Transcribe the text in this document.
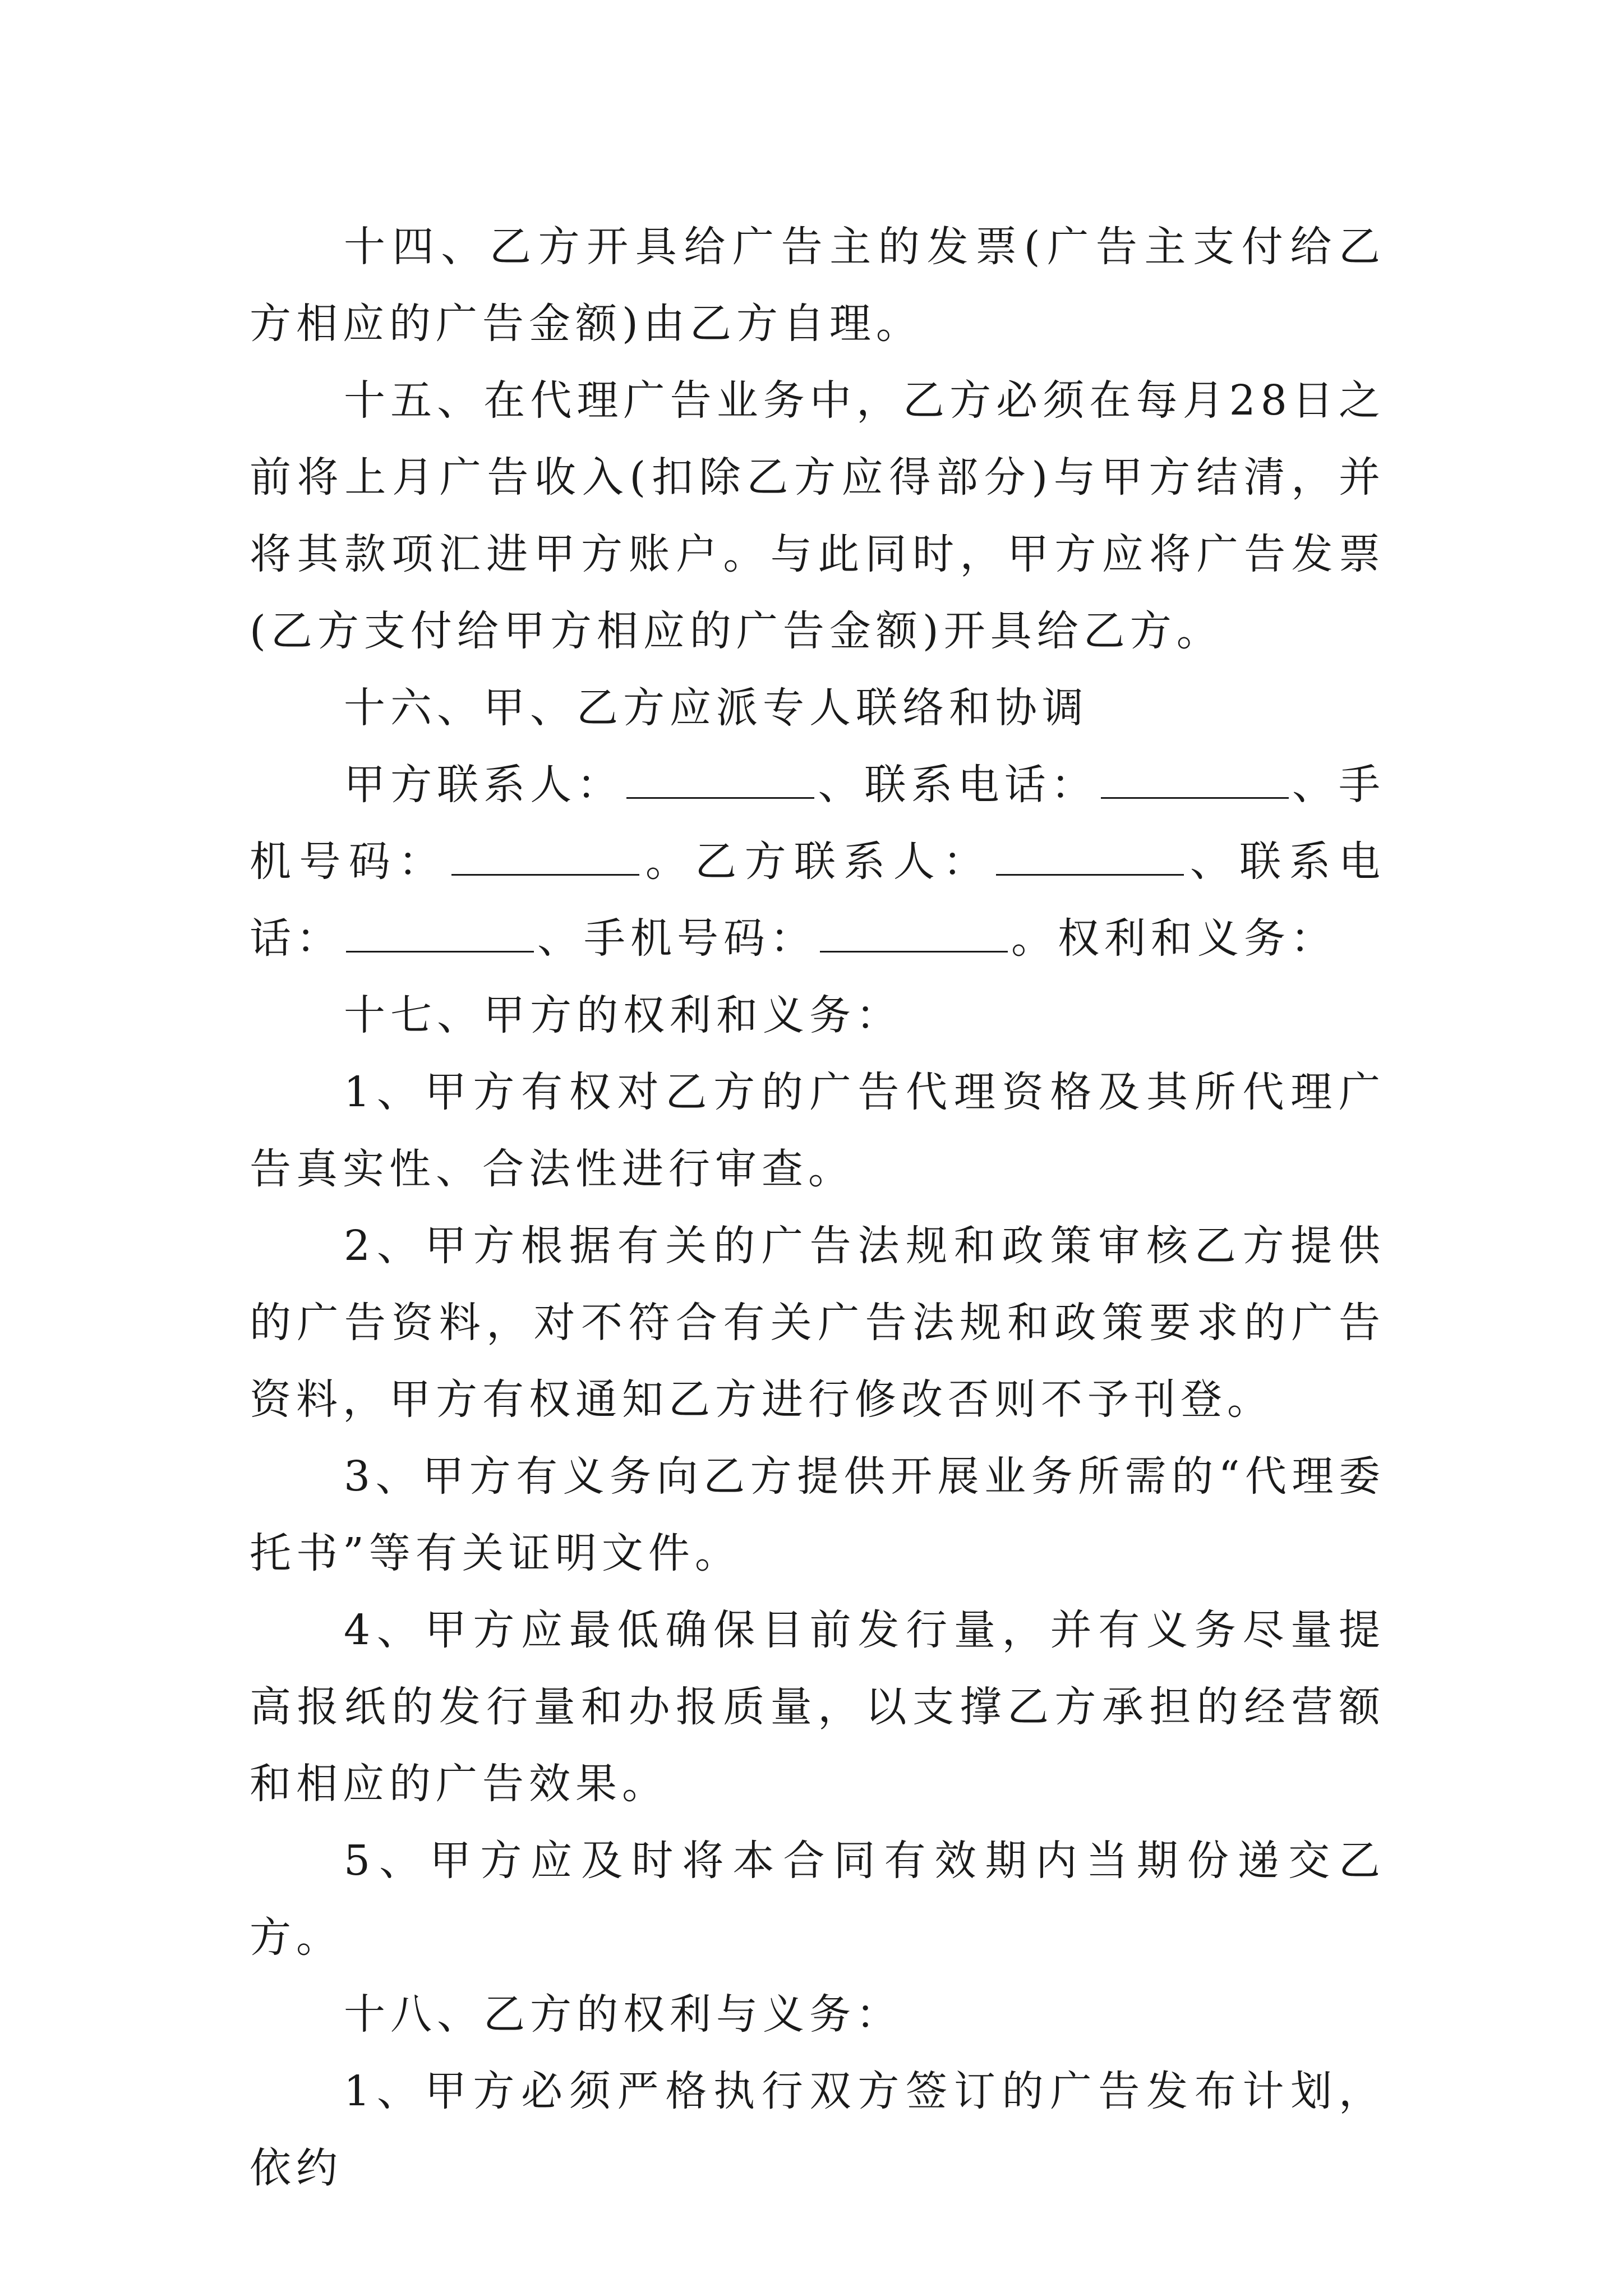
十四、乙方开具给广告主的发票(广告主支付给乙方相应的广告金额)由乙方自理。

十五、在代理广告业务中，乙方必须在每月28日之前将上月广告收入(扣除乙方应得部分)与甲方结清，并将其款项汇进甲方账户。与此同时，甲方应将广告发票(乙方支付给甲方相应的广告金额)开具给乙方。

十六、甲、乙方应派专人联络和协调

甲方联系人：	、联系电话：	、手机号码：	。乙方联系人：	、联系电话：	、手机号码：	。权利和义务：

十七、甲方的权利和义务：

1、甲方有权对乙方的广告代理资格及其所代理广告真实性、合法性进行审查。

2、甲方根据有关的广告法规和政策审核乙方提供的广告资料，对不符合有关广告法规和政策要求的广告资料，甲方有权通知乙方进行修改否则不予刊登。

3、甲方有义务向乙方提供开展业务所需的“代理委托书”等有关证明文件。

4、甲方应最低确保目前发行量，并有义务尽量提高报纸的发行量和办报质量，以支撑乙方承担的经营额和相应的广告效果。

5、甲方应及时将本合同有效期内当期份递交乙方。

十八、乙方的权利与义务：

1、甲方必须严格执行双方签订的广告发布计划，依约
